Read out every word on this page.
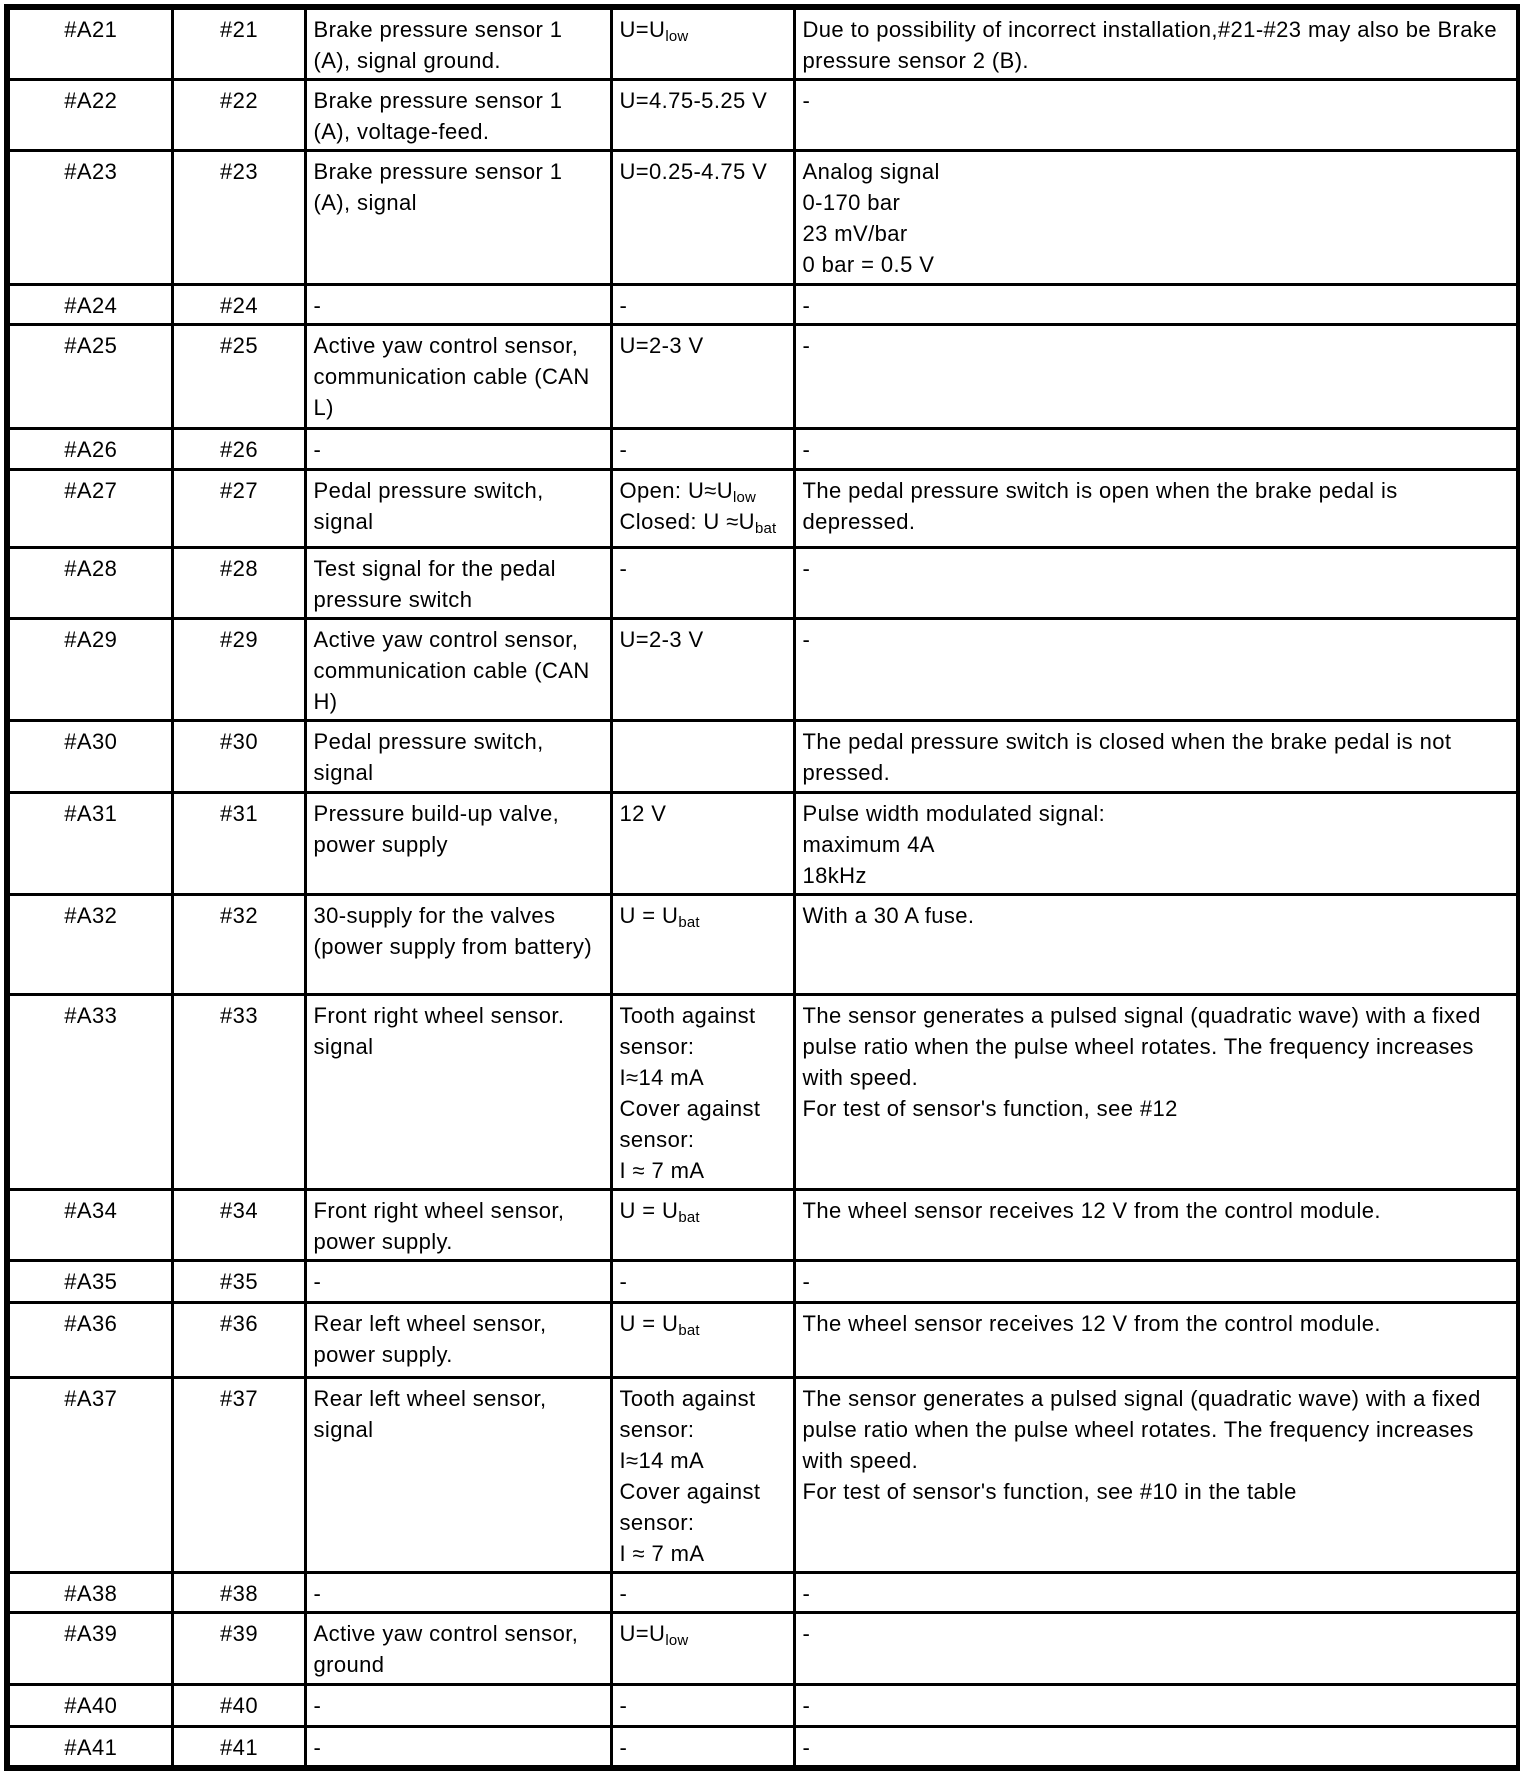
#A21	#21	Brake pressure sensor 1 (A), signal ground.	$U=U_{low}$	Due to possibility of incorrect installation,#21-#23 may also be Brake pressure sensor 2 (B).
#A22	#22	Brake pressure sensor 1 (A), voltage-feed.	U=4.75-5.25 V	-
#A23	#23	Brake pressure sensor 1 (A), signal	U=0.25-4.75 V	Analog signal
0-170 bar
23 mV/bar
0 bar = 0.5 V
#A24	#24	-	-	-
#A25	#25	Active yaw control sensor, communication cable (CAN L)	U=2-3 V	-
#A26	#26	-	-	-
#A27	#27	Pedal pressure switch, signal	Open: $U\approx U_{low}$
Closed: $U \approx U_{bat}$	The pedal pressure switch is open when the brake pedal is depressed.
#A28	#28	Test signal for the pedal pressure switch	-	-
#A29	#29	Active yaw control sensor, communication cable (CAN H)	U=2-3 V	-
#A30	#30	Pedal pressure switch, signal		The pedal pressure switch is closed when the brake pedal is not pressed.
#A31	#31	Pressure build-up valve, power supply	12 V	Pulse width modulated signal:
maximum 4A
18kHz
#A32	#32	30-supply for the valves (power supply from battery)	$U = U_{bat}$	With a 30 A fuse.
#A33	#33	Front right wheel sensor. signal	Tooth against sensor:
I≈14 mA
Cover against sensor:
I ≈ 7 mA	The sensor generates a pulsed signal (quadratic wave) with a fixed pulse ratio when the pulse wheel rotates. The frequency increases with speed.
For test of sensor's function, see #12
#A34	#34	Front right wheel sensor, power supply.	$U = U_{bat}$	The wheel sensor receives 12 V from the control module.
#A35	#35	-	-	-
#A36	#36	Rear left wheel sensor, power supply.	$U = U_{bat}$	The wheel sensor receives 12 V from the control module.
#A37	#37	Rear left wheel sensor, signal	Tooth against sensor:
I≈14 mA
Cover against sensor:
I ≈ 7 mA	The sensor generates a pulsed signal (quadratic wave) with a fixed pulse ratio when the pulse wheel rotates. The frequency increases with speed.
For test of sensor's function, see #10 in the table
#A38	#38	-	-	-
#A39	#39	Active yaw control sensor, ground	$U=U_{low}$	-
#A40	#40	-	-	-
#A41	#41	-	-	-
